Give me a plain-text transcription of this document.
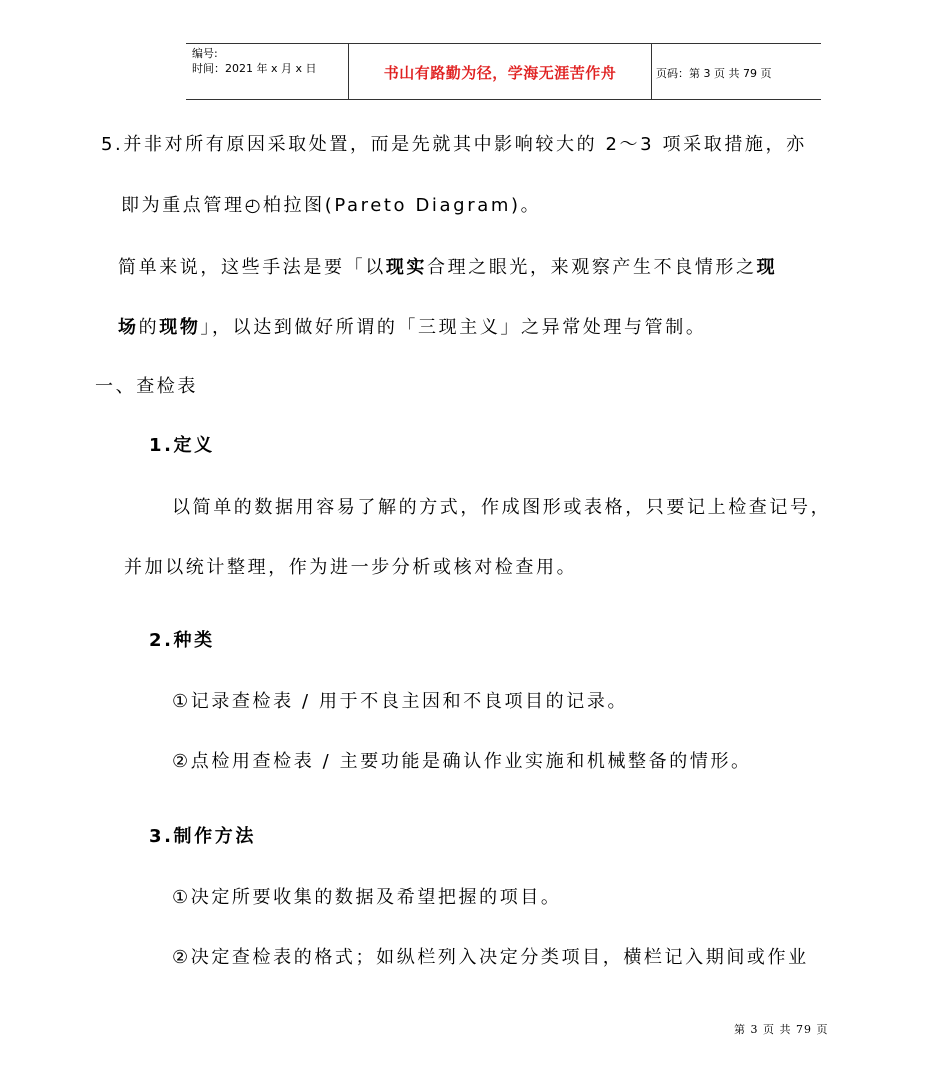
编号:
时间：2021 年 x 月 x 日	书山有路勤为径，学海无涯苦作舟	页码：第 3 页 共 79 页
5.并非对所有原因采取处置，而是先就其中影响较大的 2～3 项采取措施，亦
即为重点管理◴柏拉图(Pareto Diagram)。
简单来说，这些手法是要「以现实合理之眼光，来观察产生不良情形之现
场的现物」，以达到做好所谓的「三现主义」之异常处理与管制。
一、查检表
1.定义
以简单的数据用容易了解的方式，作成图形或表格，只要记上检查记号，
并加以统计整理，作为进一步分析或核对检查用。
2.种类
①记录查检表 / 用于不良主因和不良项目的记录。
②点检用查检表 / 主要功能是确认作业实施和机械整备的情形。
3.制作方法
①决定所要收集的数据及希望把握的项目。
②决定查检表的格式；如纵栏列入决定分类项目，横栏记入期间或作业
第 3 页 共 79 页
